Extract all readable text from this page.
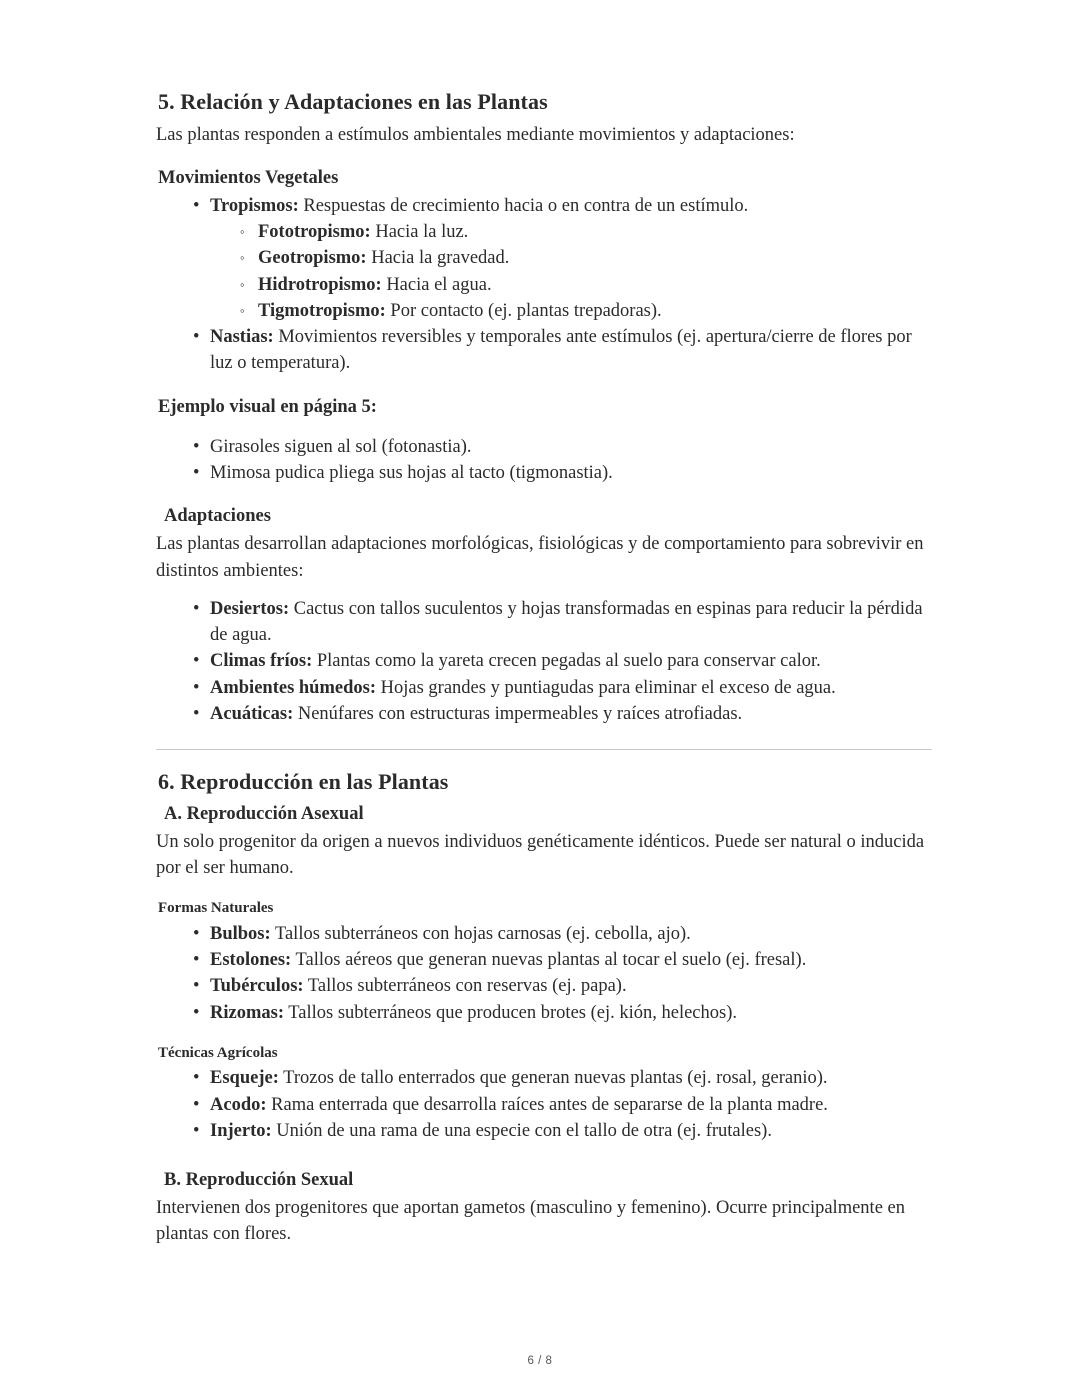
5. Relación y Adaptaciones en las Plantas

Las plantas responden a estímulos ambientales mediante movimientos y adaptaciones:

Movimientos Vegetales
• Tropismos: Respuestas de crecimiento hacia o en contra de un estímulo.
◦ Fototropismo: Hacia la luz.
◦ Geotropismo: Hacia la gravedad.
◦ Hidrotropismo: Hacia el agua.
◦ Tigmotropismo: Por contacto (ej. plantas trepadoras).
• Nastias: Movimientos reversibles y temporales ante estímulos (ej. apertura/cierre de flores por luz o temperatura).
Ejemplo visual en página 5:
• Girasoles siguen al sol (fotonastia).
• Mimosa pudica pliega sus hojas al tacto (tigmonastia).
Adaptaciones

Las plantas desarrollan adaptaciones morfológicas, fisiológicas y de comportamiento para sobrevivir en distintos ambientes:

• Desiertos: Cactus con tallos suculentos y hojas transformadas en espinas para reducir la pérdida de agua.
• Climas fríos: Plantas como la yareta crecen pegadas al suelo para conservar calor.
• Ambientes húmedos: Hojas grandes y puntiagudas para eliminar el exceso de agua.
• Acuáticas: Nenúfares con estructuras impermeables y raíces atrofiadas.
6. Reproducción en las Plantas
A. Reproducción Asexual

Un solo progenitor da origen a nuevos individuos genéticamente idénticos. Puede ser natural o inducida por el ser humano.

Formas Naturales
• Bulbos: Tallos subterráneos con hojas carnosas (ej. cebolla, ajo).
• Estolones: Tallos aéreos que generan nuevas plantas al tocar el suelo (ej. fresal).
• Tubérculos: Tallos subterráneos con reservas (ej. papa).
• Rizomas: Tallos subterráneos que producen brotes (ej. kión, helechos).
Técnicas Agrícolas
• Esqueje: Trozos de tallo enterrados que generan nuevas plantas (ej. rosal, geranio).
• Acodo: Rama enterrada que desarrolla raíces antes de separarse de la planta madre.
• Injerto: Unión de una rama de una especie con el tallo de otra (ej. frutales).
B. Reproducción Sexual

Intervienen dos progenitores que aportan gametos (masculino y femenino). Ocurre principalmente en plantas con flores.

6 / 8
